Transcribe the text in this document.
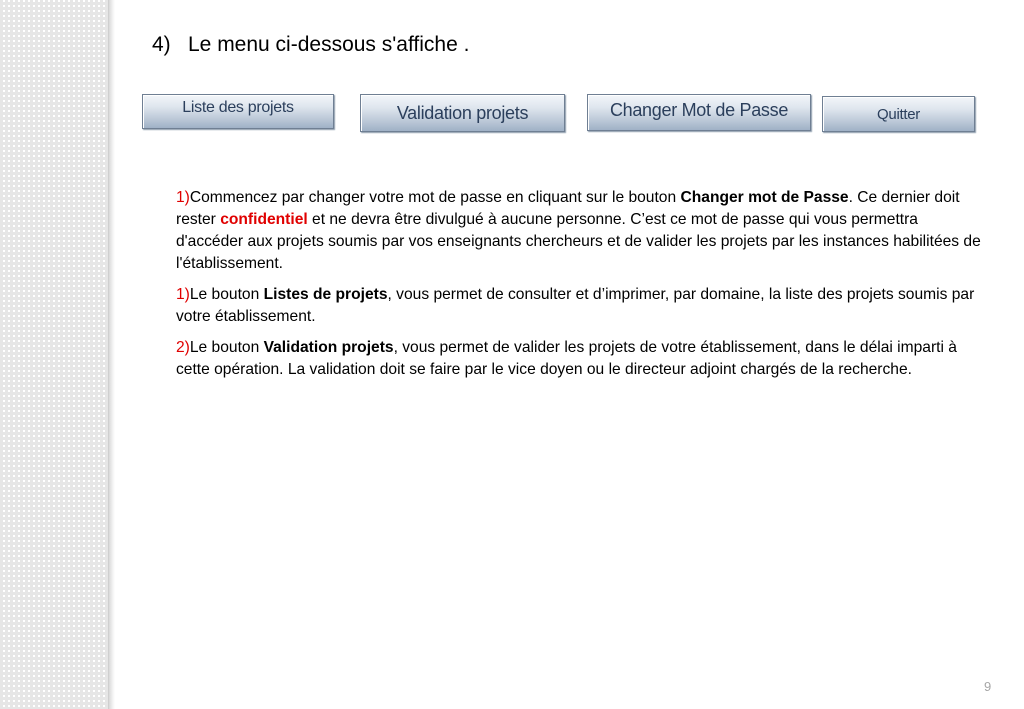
4) Le menu ci-dessous s'affiche .
Liste des projets	Validation projets	Changer Mot de Passe	Quitter

1)Commencez par changer votre mot de passe en cliquant sur le bouton Changer mot de Passe. Ce dernier doit rester confidentiel et ne devra être divulgué à aucune personne. C’est ce mot de passe qui vous permettra d'accéder aux projets soumis par vos enseignants chercheurs et de valider les projets par les instances habilitées de l'établissement.

1)Le bouton Listes de projets, vous permet de consulter et d’imprimer, par domaine, la liste des projets soumis par votre établissement.

2)Le bouton Validation projets, vous permet de valider les projets de votre établissement, dans le délai imparti à cette opération. La validation doit se faire par le vice doyen ou le directeur adjoint chargés de la recherche.

9
